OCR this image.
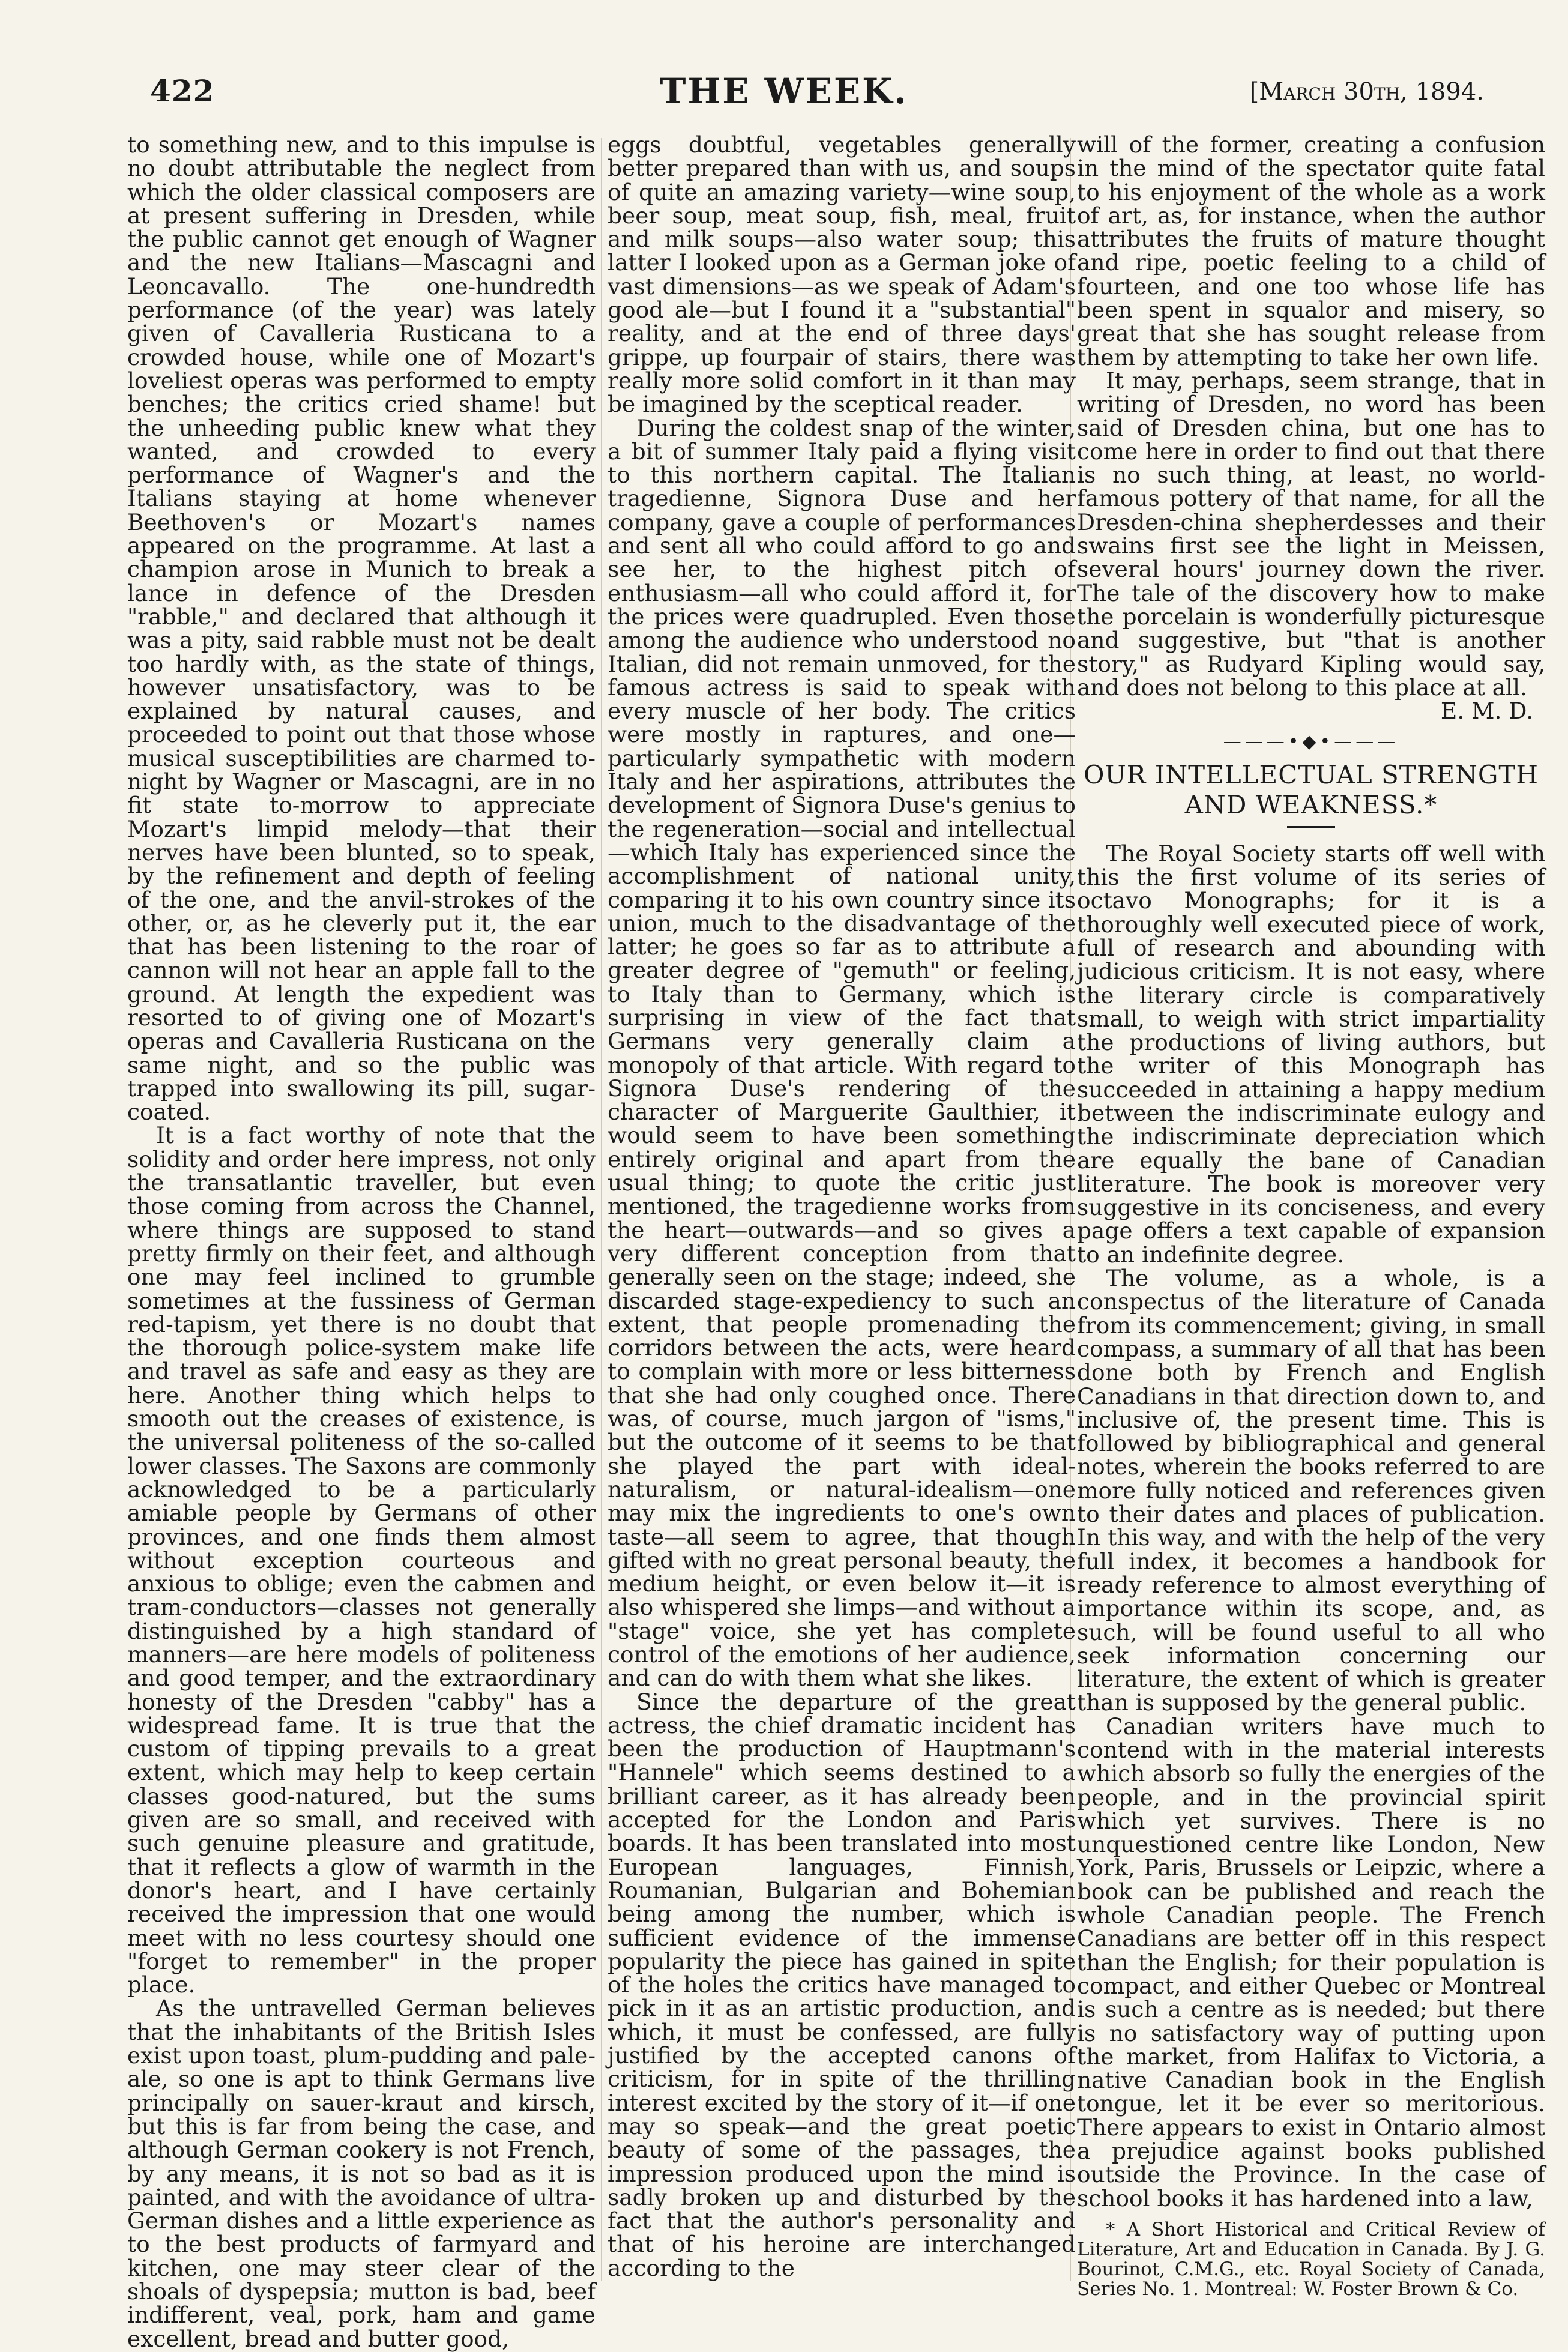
422	THE WEEK.	[March 30th, 1894.

to something new, and to this impulse is no doubt attributable the neglect from which the older classical composers are at present suffering in Dresden, while the public cannot get enough of Wagner and the new Italians—Mascagni and Leoncavallo. The one-hundredth performance (of the year) was lately given of Cavalleria Rusticana to a crowded house, while one of Mozart's loveliest operas was performed to empty benches; the critics cried shame! but the unheeding public knew what they wanted, and crowded to every performance of Wagner's and the Italians staying at home whenever Beethoven's or Mozart's names appeared on the programme. At last a champion arose in Munich to break a lance in defence of the Dresden "rabble," and declared that although it was a pity, said rabble must not be dealt too hardly with, as the state of things, however unsatisfactory, was to be explained by natural causes, and proceeded to point out that those whose musical susceptibilities are charmed to-night by Wagner or Mascagni, are in no fit state to-morrow to appreciate Mozart's limpid melody—that their nerves have been blunted, so to speak, by the refinement and depth of feeling of the one, and the anvil-strokes of the other, or, as he cleverly put it, the ear that has been listening to the roar of cannon will not hear an apple fall to the ground. At length the expedient was resorted to of giving one of Mozart's operas and Cavalleria Rusticana on the same night, and so the public was trapped into swallowing its pill, sugar-coated.

It is a fact worthy of note that the solidity and order here impress, not only the transatlantic traveller, but even those coming from across the Channel, where things are supposed to stand pretty firmly on their feet, and although one may feel inclined to grumble sometimes at the fussiness of German red-tapism, yet there is no doubt that the thorough police-system make life and travel as safe and easy as they are here. Another thing which helps to smooth out the creases of existence, is the universal politeness of the so-called lower classes. The Saxons are commonly acknowledged to be a particularly amiable people by Germans of other provinces, and one finds them almost without exception courteous and anxious to oblige; even the cabmen and tram-conductors—classes not generally distinguished by a high standard of manners—are here models of politeness and good temper, and the extraordinary honesty of the Dresden "cabby" has a widespread fame. It is true that the custom of tipping prevails to a great extent, which may help to keep certain classes good-natured, but the sums given are so small, and received with such genuine pleasure and gratitude, that it reflects a glow of warmth in the donor's heart, and I have certainly received the impression that one would meet with no less courtesy should one "forget to remember" in the proper place.

As the untravelled German believes that the inhabitants of the British Isles exist upon toast, plum-pudding and pale-ale, so one is apt to think Germans live principally on sauer-kraut and kirsch, but this is far from being the case, and although German cookery is not French, by any means, it is not so bad as it is painted, and with the avoidance of ultra-German dishes and a little experience as to the best products of farmyard and kitchen, one may steer clear of the shoals of dyspepsia; mutton is bad, beef indifferent, veal, pork, ham and game excellent, bread and butter good,

eggs doubtful, vegetables generally better prepared than with us, and soups of quite an amazing variety—wine soup, beer soup, meat soup, fish, meal, fruit and milk soups—also water soup; this latter I looked upon as a German joke of vast dimensions—as we speak of Adam's good ale—but I found it a "substantial" reality, and at the end of three days' grippe, up fourpair of stairs, there was really more solid comfort in it than may be imagined by the sceptical reader.

During the coldest snap of the winter, a bit of summer Italy paid a flying visit to this northern capital. The Italian tragedienne, Signora Duse and her company, gave a couple of performances and sent all who could afford to go and see her, to the highest pitch of enthusiasm—all who could afford it, for the prices were quadrupled. Even those among the audience who understood no Italian, did not remain unmoved, for the famous actress is said to speak with every muscle of her body. The critics were mostly in raptures, and one—particularly sympathetic with modern Italy and her aspirations, attributes the development of Signora Duse's genius to the regeneration—social and intellectual—which Italy has experienced since the accomplishment of national unity, comparing it to his own country since its union, much to the disadvantage of the latter; he goes so far as to attribute a greater degree of "gemuth" or feeling, to Italy than to Germany, which is surprising in view of the fact that Germans very generally claim a monopoly of that article. With regard to Signora Duse's rendering of the character of Marguerite Gaulthier, it would seem to have been something entirely original and apart from the usual thing; to quote the critic just mentioned, the tragedienne works from the heart—outwards—and so gives a very different conception from that generally seen on the stage; indeed, she discarded stage-expediency to such an extent, that people promenading the corridors between the acts, were heard to complain with more or less bitterness that she had only coughed once. There was, of course, much jargon of "isms," but the outcome of it seems to be that she played the part with ideal-naturalism, or natural-idealism—one may mix the ingredients to one's own taste—all seem to agree, that though gifted with no great personal beauty, the medium height, or even below it—it is also whispered she limps—and without a "stage" voice, she yet has complete control of the emotions of her audience, and can do with them what she likes.

Since the departure of the great actress, the chief dramatic incident has been the production of Hauptmann's "Hannele" which seems destined to a brilliant career, as it has already been accepted for the London and Paris boards. It has been translated into most European languages, Finnish, Roumanian, Bulgarian and Bohemian being among the number, which is sufficient evidence of the immense popularity the piece has gained in spite of the holes the critics have managed to pick in it as an artistic production, and which, it must be confessed, are fully justified by the accepted canons of criticism, for in spite of the thrilling interest excited by the story of it—if one may so speak—and the great poetic beauty of some of the passages, the impression produced upon the mind is sadly broken up and disturbed by the fact that the author's personality and that of his heroine are interchanged according to the

will of the former, creating a confusion in the mind of the spectator quite fatal to his enjoyment of the whole as a work of art, as, for instance, when the author attributes the fruits of mature thought and ripe, poetic feeling to a child of fourteen, and one too whose life has been spent in squalor and misery, so great that she has sought release from them by attempting to take her own life.

It may, perhaps, seem strange, that in writing of Dresden, no word has been said of Dresden china, but one has to come here in order to find out that there is no such thing, at least, no world-famous pottery of that name, for all the Dresden-china shepherdesses and their swains first see the light in Meissen, several hours' journey down the river. The tale of the discovery how to make the porcelain is wonderfully picturesque and suggestive, but "that is another story," as Rudyard Kipling would say, and does not belong to this place at all.

E. M. D.

———•◆•———
OUR INTELLECTUAL STRENGTH AND WEAKNESS.*

The Royal Society starts off well with this the first volume of its series of octavo Monographs; for it is a thoroughly well executed piece of work, full of research and abounding with judicious criticism. It is not easy, where the literary circle is comparatively small, to weigh with strict impartiality the productions of living authors, but the writer of this Monograph has succeeded in attaining a happy medium between the indiscriminate eulogy and the indiscriminate depreciation which are equally the bane of Canadian literature. The book is moreover very suggestive in its conciseness, and every page offers a text capable of expansion to an indefinite degree.

The volume, as a whole, is a conspectus of the literature of Canada from its commencement; giving, in small compass, a summary of all that has been done both by French and English Canadians in that direction down to, and inclusive of, the present time. This is followed by bibliographical and general notes, wherein the books referred to are more fully noticed and references given to their dates and places of publication. In this way, and with the help of the very full index, it becomes a handbook for ready reference to almost everything of importance within its scope, and, as such, will be found useful to all who seek information concerning our literature, the extent of which is greater than is supposed by the general public.

Canadian writers have much to contend with in the material interests which absorb so fully the energies of the people, and in the provincial spirit which yet survives. There is no unquestioned centre like London, New York, Paris, Brussels or Leipzic, where a book can be published and reach the whole Canadian people. The French Canadians are better off in this respect than the English; for their population is compact, and either Quebec or Montreal is such a centre as is needed; but there is no satisfactory way of putting upon the market, from Halifax to Victoria, a native Canadian book in the English tongue, let it be ever so meritorious. There appears to exist in Ontario almost a prejudice against books published outside the Province. In the case of school books it has hardened into a law,

* A Short Historical and Critical Review of Literature, Art and Education in Canada. By J. G. Bourinot, C.M.G., etc. Royal Society of Canada, Series No. 1. Montreal: W. Foster Brown & Co.
